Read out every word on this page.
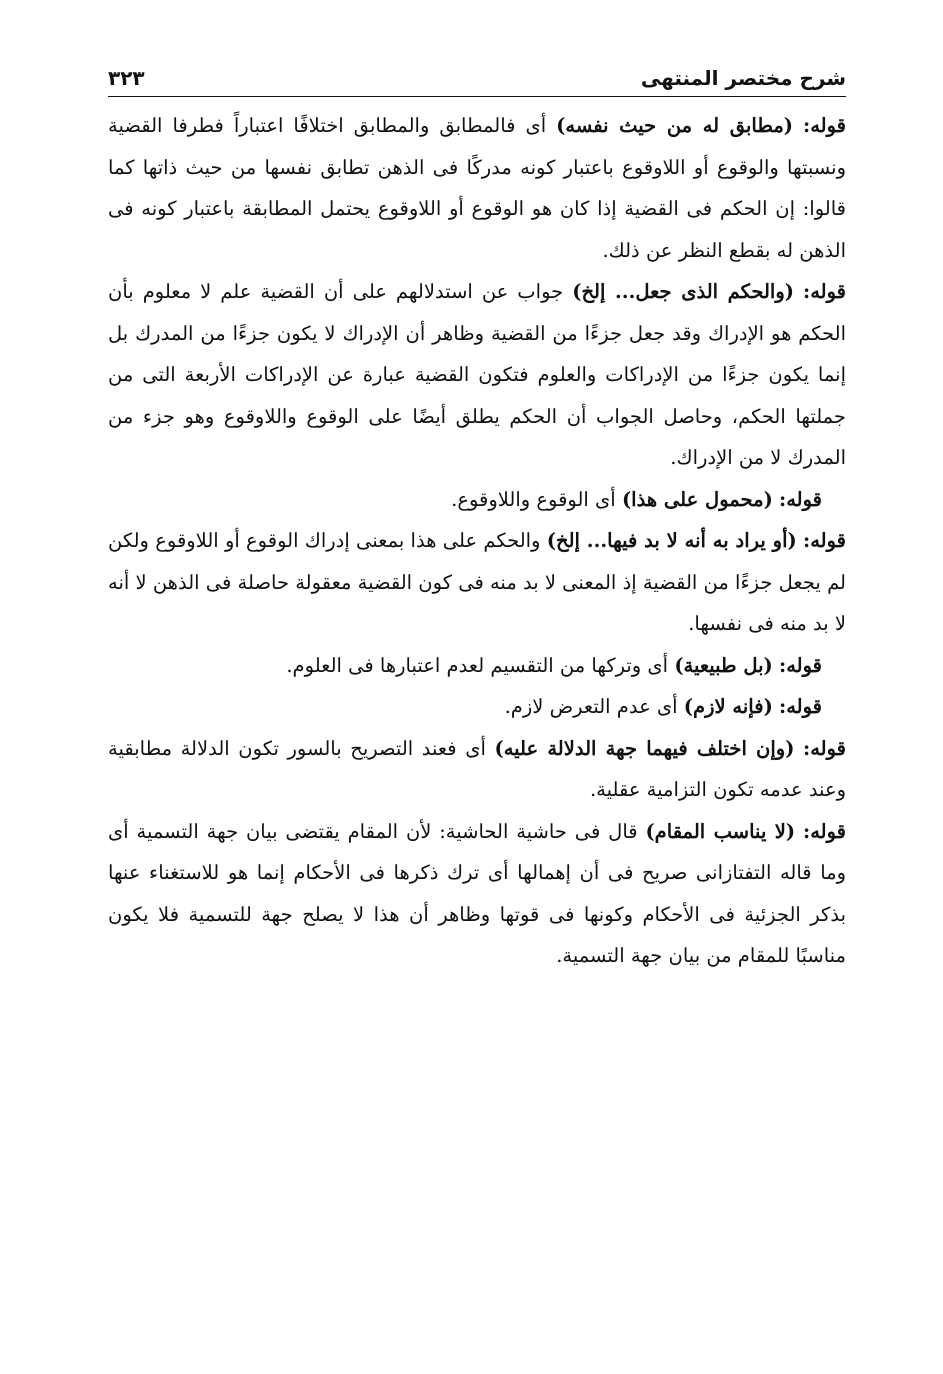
شرح مختصر المنتهى
٣٢٣

قوله: (مطابق له من حيث نفسه) أى فالمطابق والمطابق اختلافًا اعتباراً فطرفا القضية ونسبتها والوقوع أو اللاوقوع باعتبار كونه مدركًا فى الذهن تطابق نفسها من حيث ذاتها كما قالوا: إن الحكم فى القضية إذا كان هو الوقوع أو اللاوقوع يحتمل المطابقة باعتبار كونه فى الذهن له بقطع النظر عن ذلك.

قوله: (والحكم الذى جعل... إلخ) جواب عن استدلالهم على أن القضية علم لا معلوم بأن الحكم هو الإدراك وقد جعل جزءًا من القضية وظاهر أن الإدراك لا يكون جزءًا من المدرك بل إنما يكون جزءًا من الإدراكات والعلوم فتكون القضية عبارة عن الإدراكات الأربعة التى من جملتها الحكم، وحاصل الجواب أن الحكم يطلق أيضًا على الوقوع واللاوقوع وهو جزء من المدرك لا من الإدراك.

قوله: (محمول على هذا) أى الوقوع واللاوقوع.

قوله: (أو يراد به أنه لا بد فيها... إلخ) والحكم على هذا بمعنى إدراك الوقوع أو اللاوقوع ولكن لم يجعل جزءًا من القضية إذ المعنى لا بد منه فى كون القضية معقولة حاصلة فى الذهن لا أنه لا بد منه فى نفسها.

قوله: (بل طبيعية) أى وتركها من التقسيم لعدم اعتبارها فى العلوم.

قوله: (فإنه لازم) أى عدم التعرض لازم.

قوله: (وإن اختلف فيهما جهة الدلالة عليه) أى فعند التصريح بالسور تكون الدلالة مطابقية وعند عدمه تكون التزامية عقلية.

قوله: (لا يناسب المقام) قال فى حاشية الحاشية: لأن المقام يقتضى بيان جهة التسمية أى وما قاله التفتازانى صريح فى أن إهمالها أى ترك ذكرها فى الأحكام إنما هو للاستغناء عنها بذكر الجزئية فى الأحكام وكونها فى قوتها وظاهر أن هذا لا يصلح جهة للتسمية فلا يكون مناسبًا للمقام من بيان جهة التسمية.
